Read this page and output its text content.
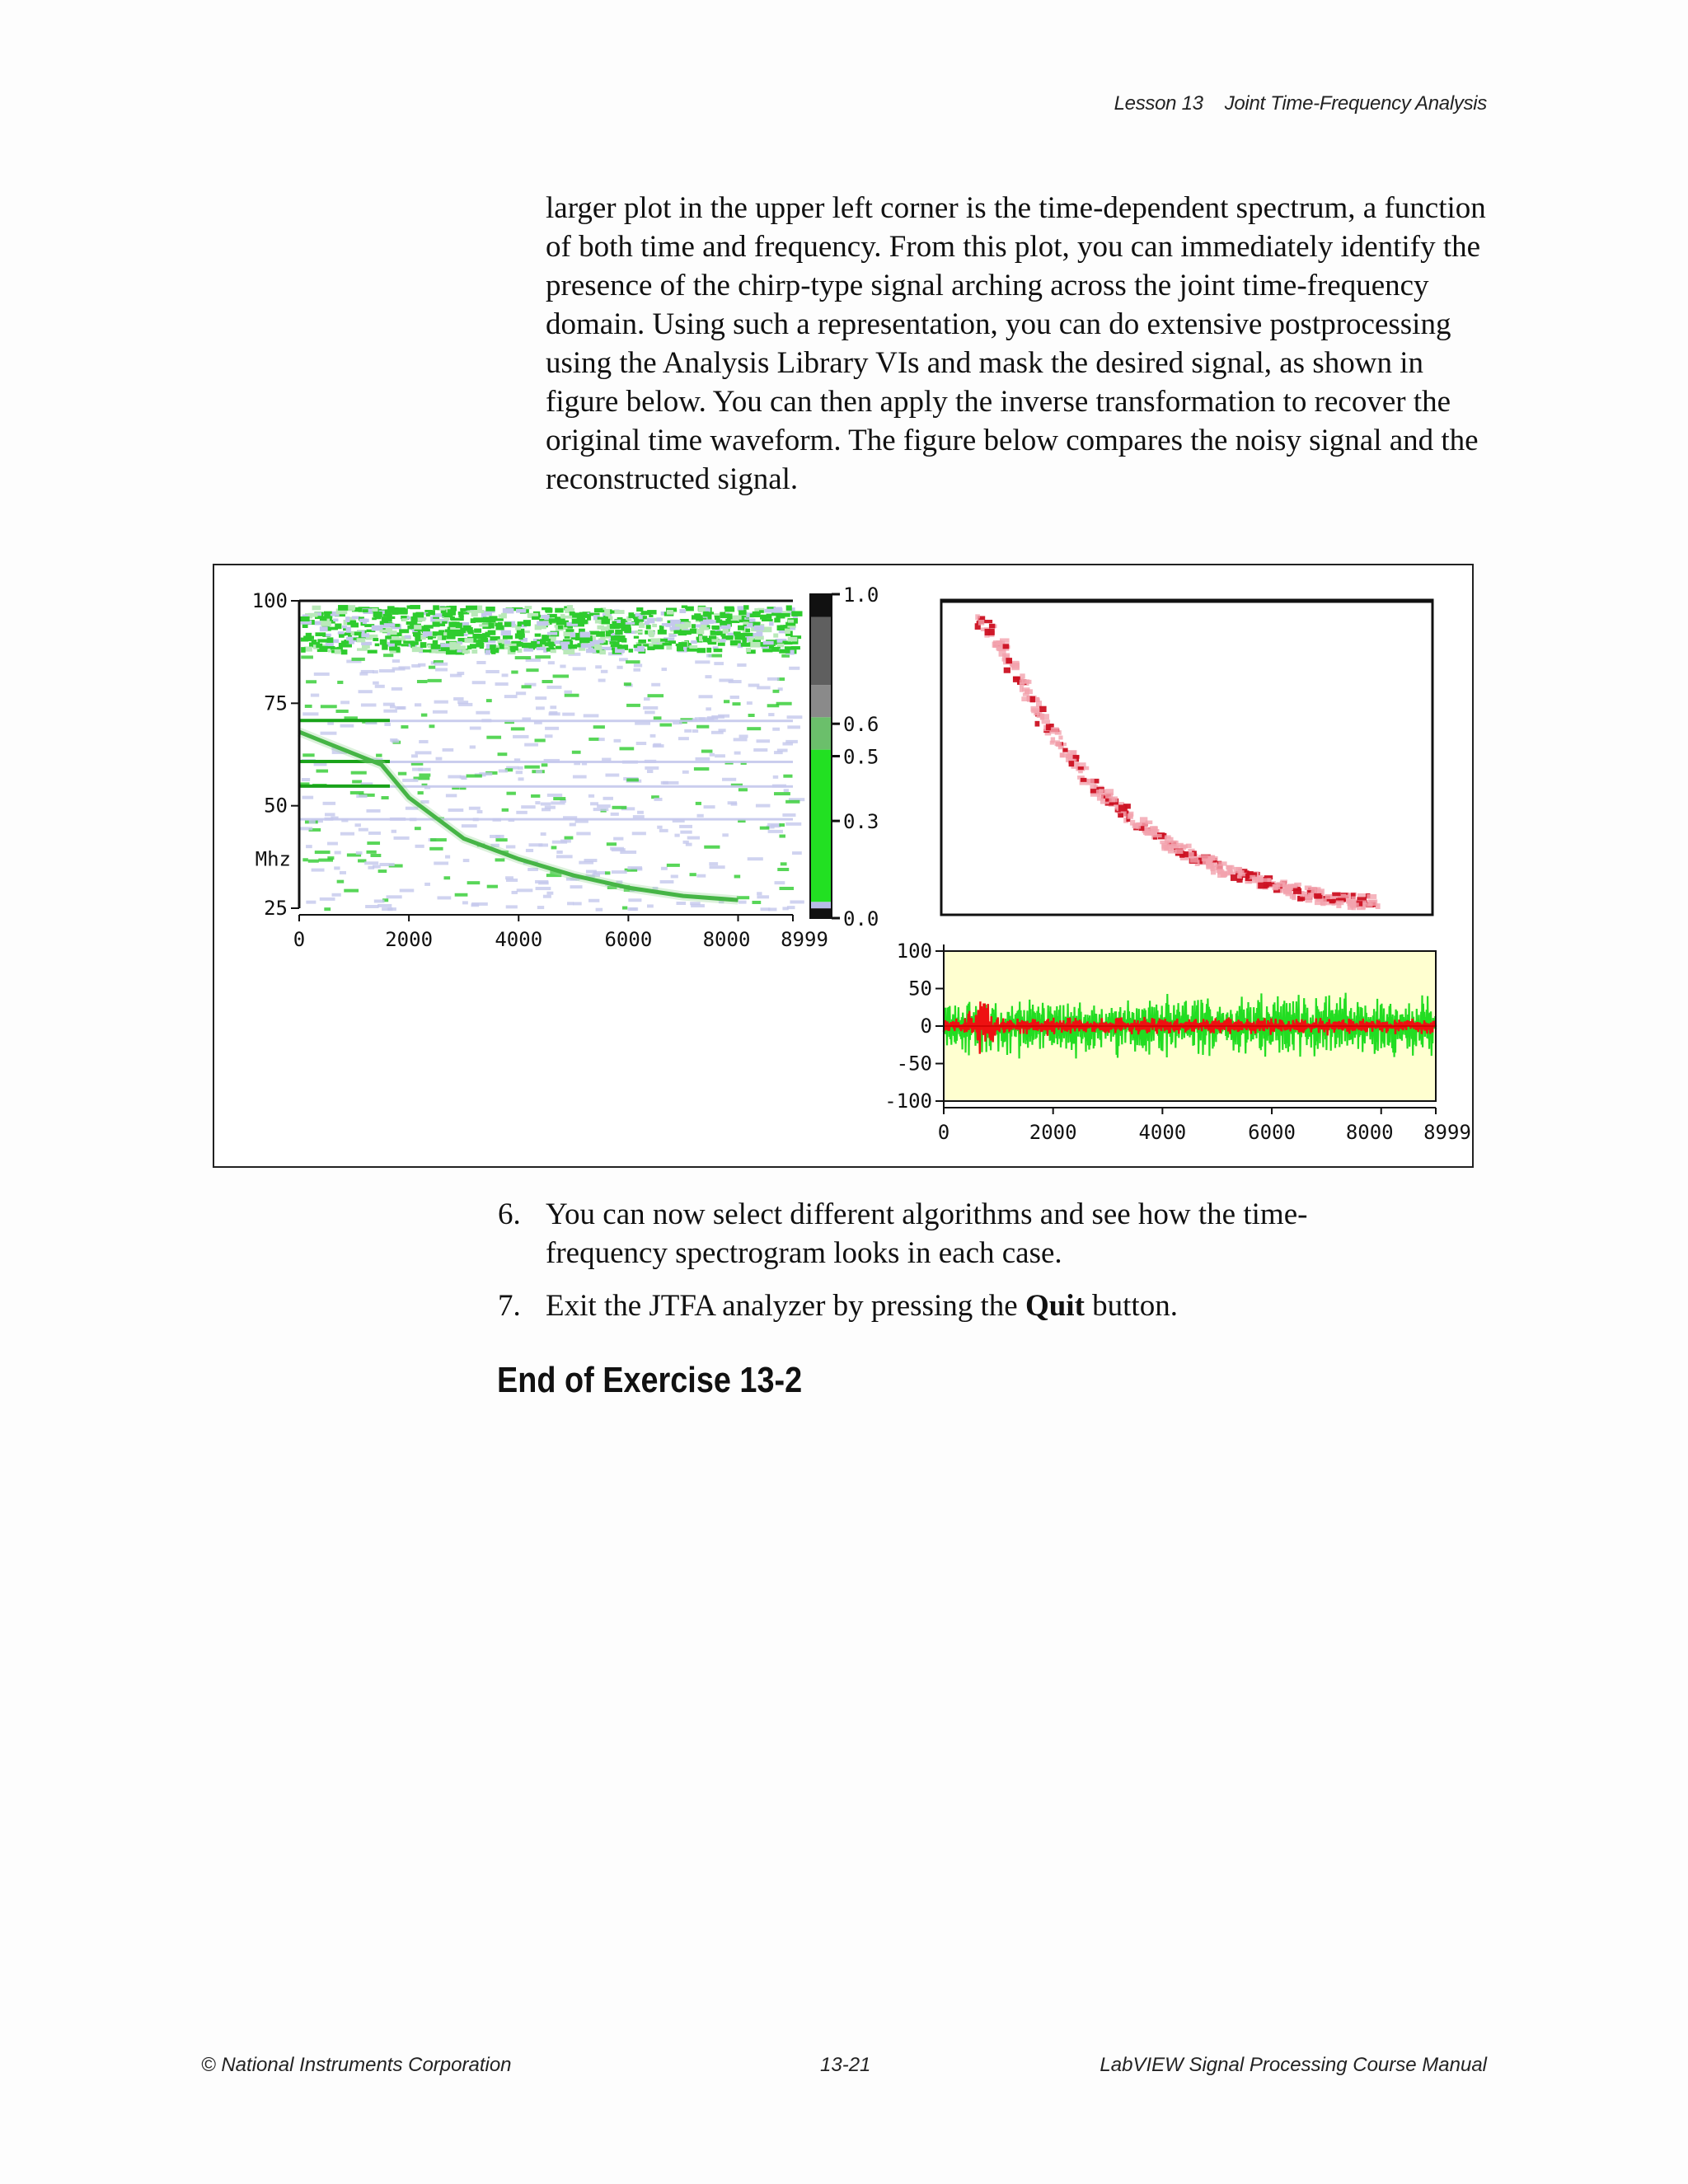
Lesson 13 Joint Time-Frequency Analysis
larger plot in the upper left corner is the time-dependent spectrum, a function of both time and frequency. From this plot, you can immediately identify the presence of the chirp-type signal arching across the joint time-frequency domain. Using such a representation, you can do extensive postprocessing using the Analysis Library VIs and mask the desired signal, as shown in figure below. You can then apply the inverse transformation to recover the original time waveform. The figure below compares the noisy signal and the reconstructed signal.
100
75
50
25
Mhz
0	2000	4000	6000	8000 8999
1.0
0.6
0.5
0.3
0.0
100
50
0
-50
-100
0	2000	4000	6000	8000 8999
6. You can now select different algorithms and see how the time-frequency spectrogram looks in each case.
7. Exit the JTFA analyzer by pressing the Quit button.
End of Exercise 13-2
© National Instruments Corporation	13-21	LabVIEW Signal Processing Course Manual
